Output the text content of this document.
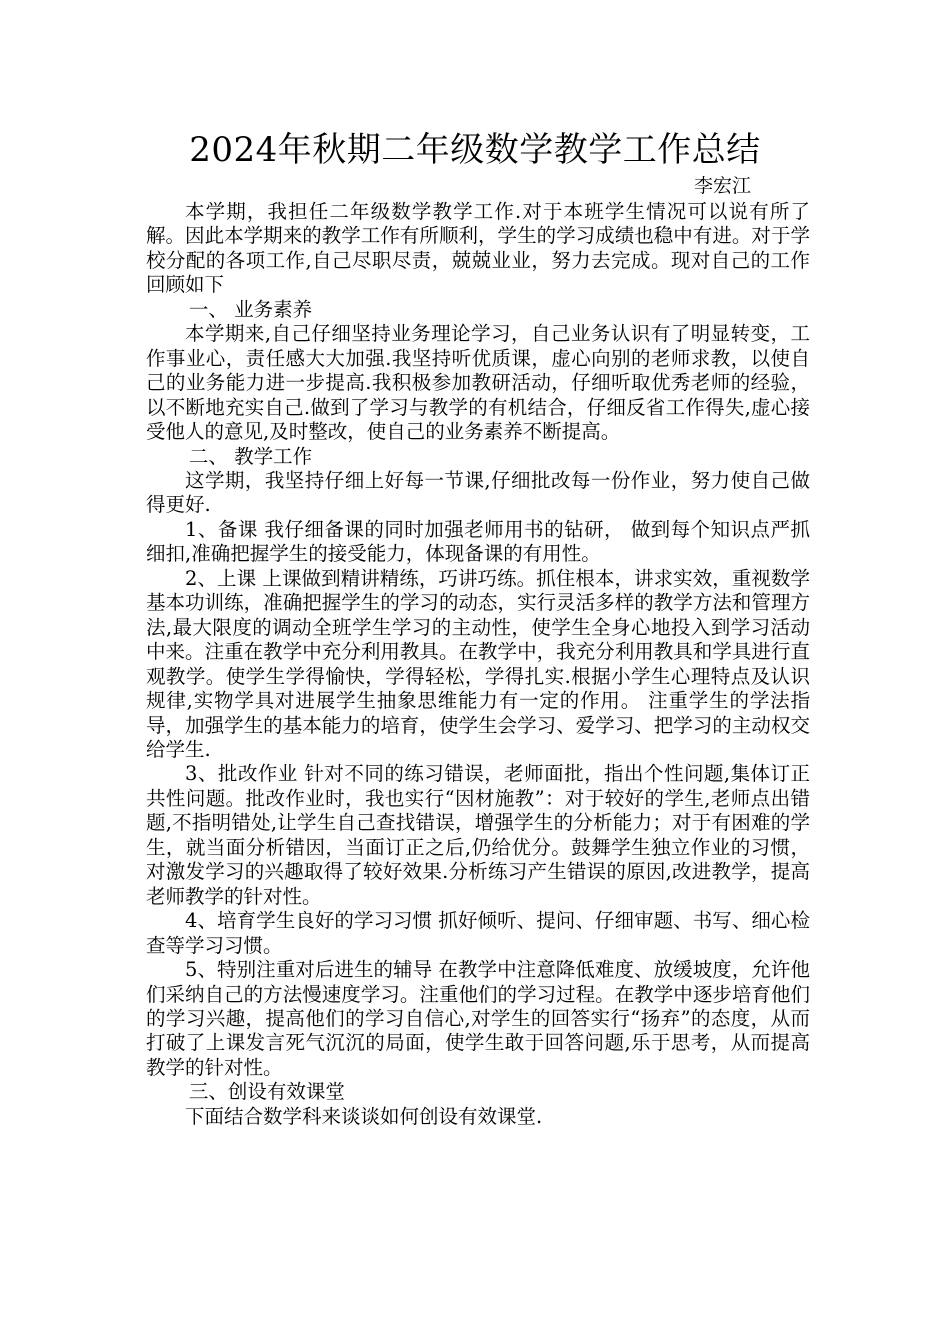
2024年秋期二年级数学教学工作总结
李宏江

本学期，我担任二年级数学教学工作.对于本班学生情况可以说有所了解。因此本学期来的教学工作有所顺利，学生的学习成绩也稳中有进。对于学校分配的各项工作,自己尽职尽责，兢兢业业，努力去完成。现对自己的工作回顾如下

一、 业务素养

本学期来,自己仔细坚持业务理论学习，自己业务认识有了明显转变，工作事业心，责任感大大加强.我坚持听优质课，虚心向别的老师求教，以使自己的业务能力进一步提高.我积极参加教研活动，仔细听取优秀老师的经验，以不断地充实自己.做到了学习与教学的有机结合，仔细反省工作得失,虚心接受他人的意见,及时整改，使自己的业务素养不断提高。

二、 教学工作

这学期，我坚持仔细上好每一节课,仔细批改每一份作业，努力使自己做得更好.

1、备课 我仔细备课的同时加强老师用书的钻研， 做到每个知识点严抓细扣,准确把握学生的接受能力，体现备课的有用性。

2、上课 上课做到精讲精练，巧讲巧练。抓住根本，讲求实效，重视数学基本功训练，准确把握学生的学习的动态，实行灵活多样的教学方法和管理方法,最大限度的调动全班学生学习的主动性，使学生全身心地投入到学习活动中来。注重在教学中充分利用教具。在教学中，我充分利用教具和学具进行直观教学。使学生学得愉快，学得轻松，学得扎实.根据小学生心理特点及认识规律,实物学具对进展学生抽象思维能力有一定的作用。 注重学生的学法指导，加强学生的基本能力的培育，使学生会学习、爱学习、把学习的主动权交给学生.

3、批改作业 针对不同的练习错误，老师面批，指出个性问题,集体订正共性问题。批改作业时，我也实行“因材施教”：对于较好的学生,老师点出错题,不指明错处,让学生自己查找错误，增强学生的分析能力；对于有困难的学生，就当面分析错因，当面订正之后,仍给优分。鼓舞学生独立作业的习惯，对激发学习的兴趣取得了较好效果.分析练习产生错误的原因,改进教学，提高老师教学的针对性。

4、培育学生良好的学习习惯 抓好倾听、提问、仔细审题、书写、细心检查等学习习惯。

5、特别注重对后进生的辅导 在教学中注意降低难度、放缓坡度，允许他们采纳自己的方法慢速度学习。注重他们的学习过程。在教学中逐步培育他们的学习兴趣，提高他们的学习自信心,对学生的回答实行“扬弃”的态度，从而打破了上课发言死气沉沉的局面，使学生敢于回答问题,乐于思考，从而提高教学的针对性。

三、创设有效课堂

下面结合数学科来谈谈如何创设有效课堂.
